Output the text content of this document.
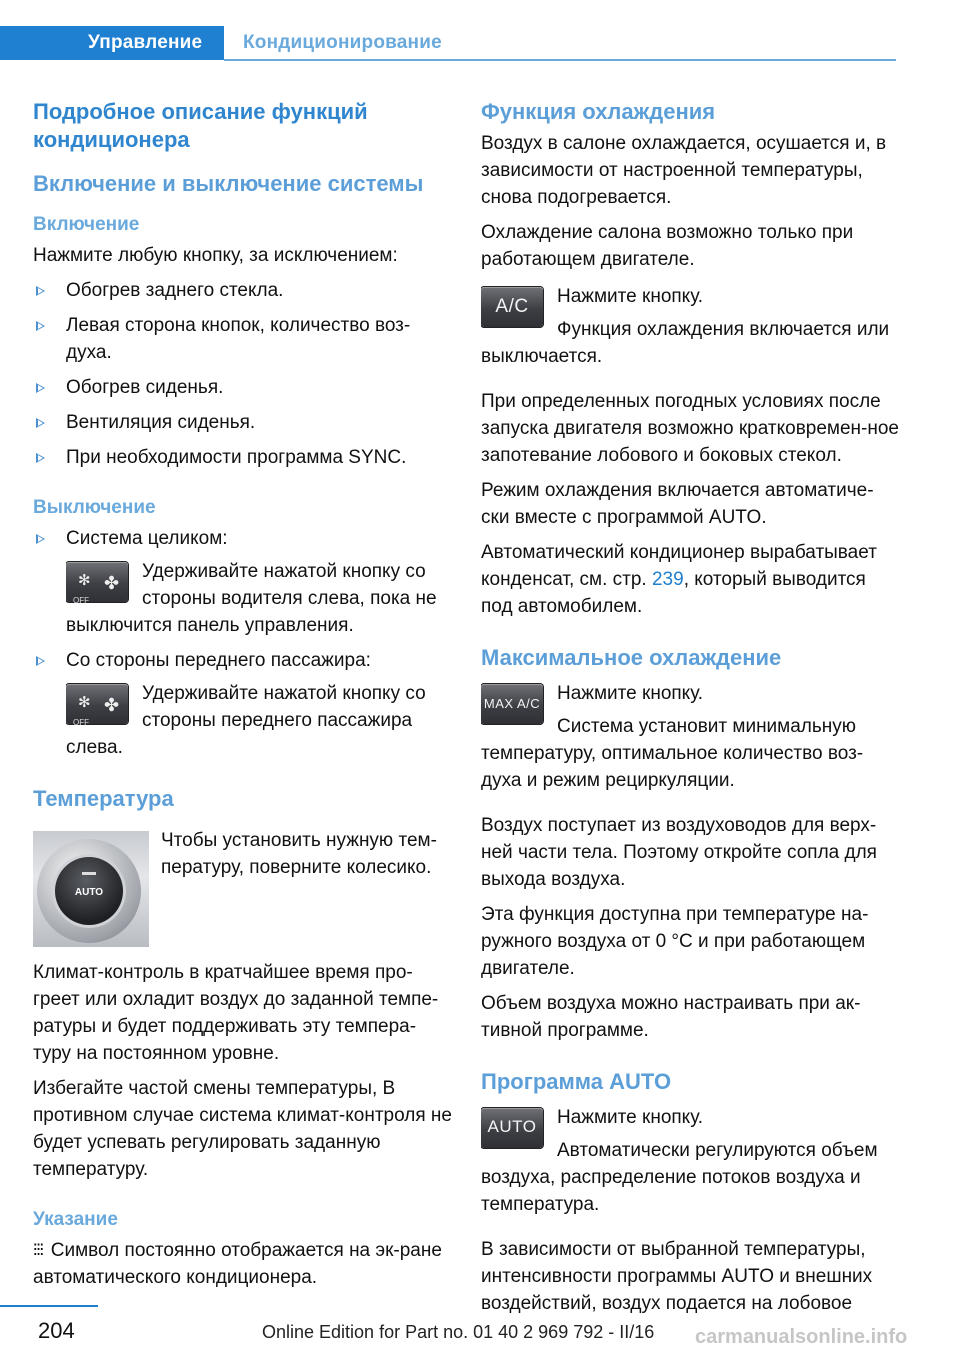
Управление	Кондиционирование
Подробное описание функций кондиционера
Включение и выключение системы
Включение
Нажмите любую кнопку, за исключением:
Обогрев заднего стекла.
Левая сторона кнопок, количество воз-духа.
Обогрев сиденья.
Вентиляция сиденья.
При необходимости программа SYNC.
Выключение
Система целиком:
✻ ✤
OFF
Удерживайте нажатой кнопку со стороны водителя слева, пока не выключится панель управления.
Со стороны переднего пассажира:
✻ ✤
OFF
Удерживайте нажатой кнопку со стороны переднего пассажира слева.
Температура
AUTO
Чтобы установить нужную тем-пературу, поверните колесико.
Климат-контроль в кратчайшее время про-греет или охладит воздух до заданной темпе-ратуры и будет поддерживать эту темпера-туру на постоянном уровне.
Избегайте частой смены температуры, В противном случае система климат-контроля не будет успевать регулировать заданную температуру.
Указание
⫶⫶⫶ Символ постоянно отображается на эк-ране автоматического кондиционера.
Функция охлаждения
Воздух в салоне охлаждается, осушается и, в зависимости от настроенной температуры, снова подогревается.
Охлаждение салона возможно только при работающем двигателе.
A/C	Нажмите кнопку.
Функция охлаждения включается или выключается.
При определенных погодных условиях после запуска двигателя возможно кратковремен-ное запотевание лобового и боковых стекол.
Режим охлаждения включается автоматиче-ски вместе с программой AUTO.
Автоматический кондиционер вырабатывает конденсат, см. стр. 239, который выводится под автомобилем.
Максимальное охлаждение
MAX A/C Нажмите кнопку.
Система установит минимальную температуру, оптимальное количество воз-духа и режим рециркуляции.
Воздух поступает из воздуховодов для верх-ней части тела. Поэтому откройте сопла для выхода воздуха.
Эта функция доступна при температуре на-ружного воздуха от 0 °C и при работающем двигателе.
Объем воздуха можно настраивать при ак-тивной программе.
Программа AUTO
AUTO	Нажмите кнопку.
Автоматически регулируются объем воздуха, распределение потоков воздуха и температура.
В зависимости от выбранной температуры, интенсивности программы AUTO и внешних воздействий, воздух подается на лобовое
204	Online Edition for Part no. 01 40 2 969 792 - II/16 carmanualsonline.info
